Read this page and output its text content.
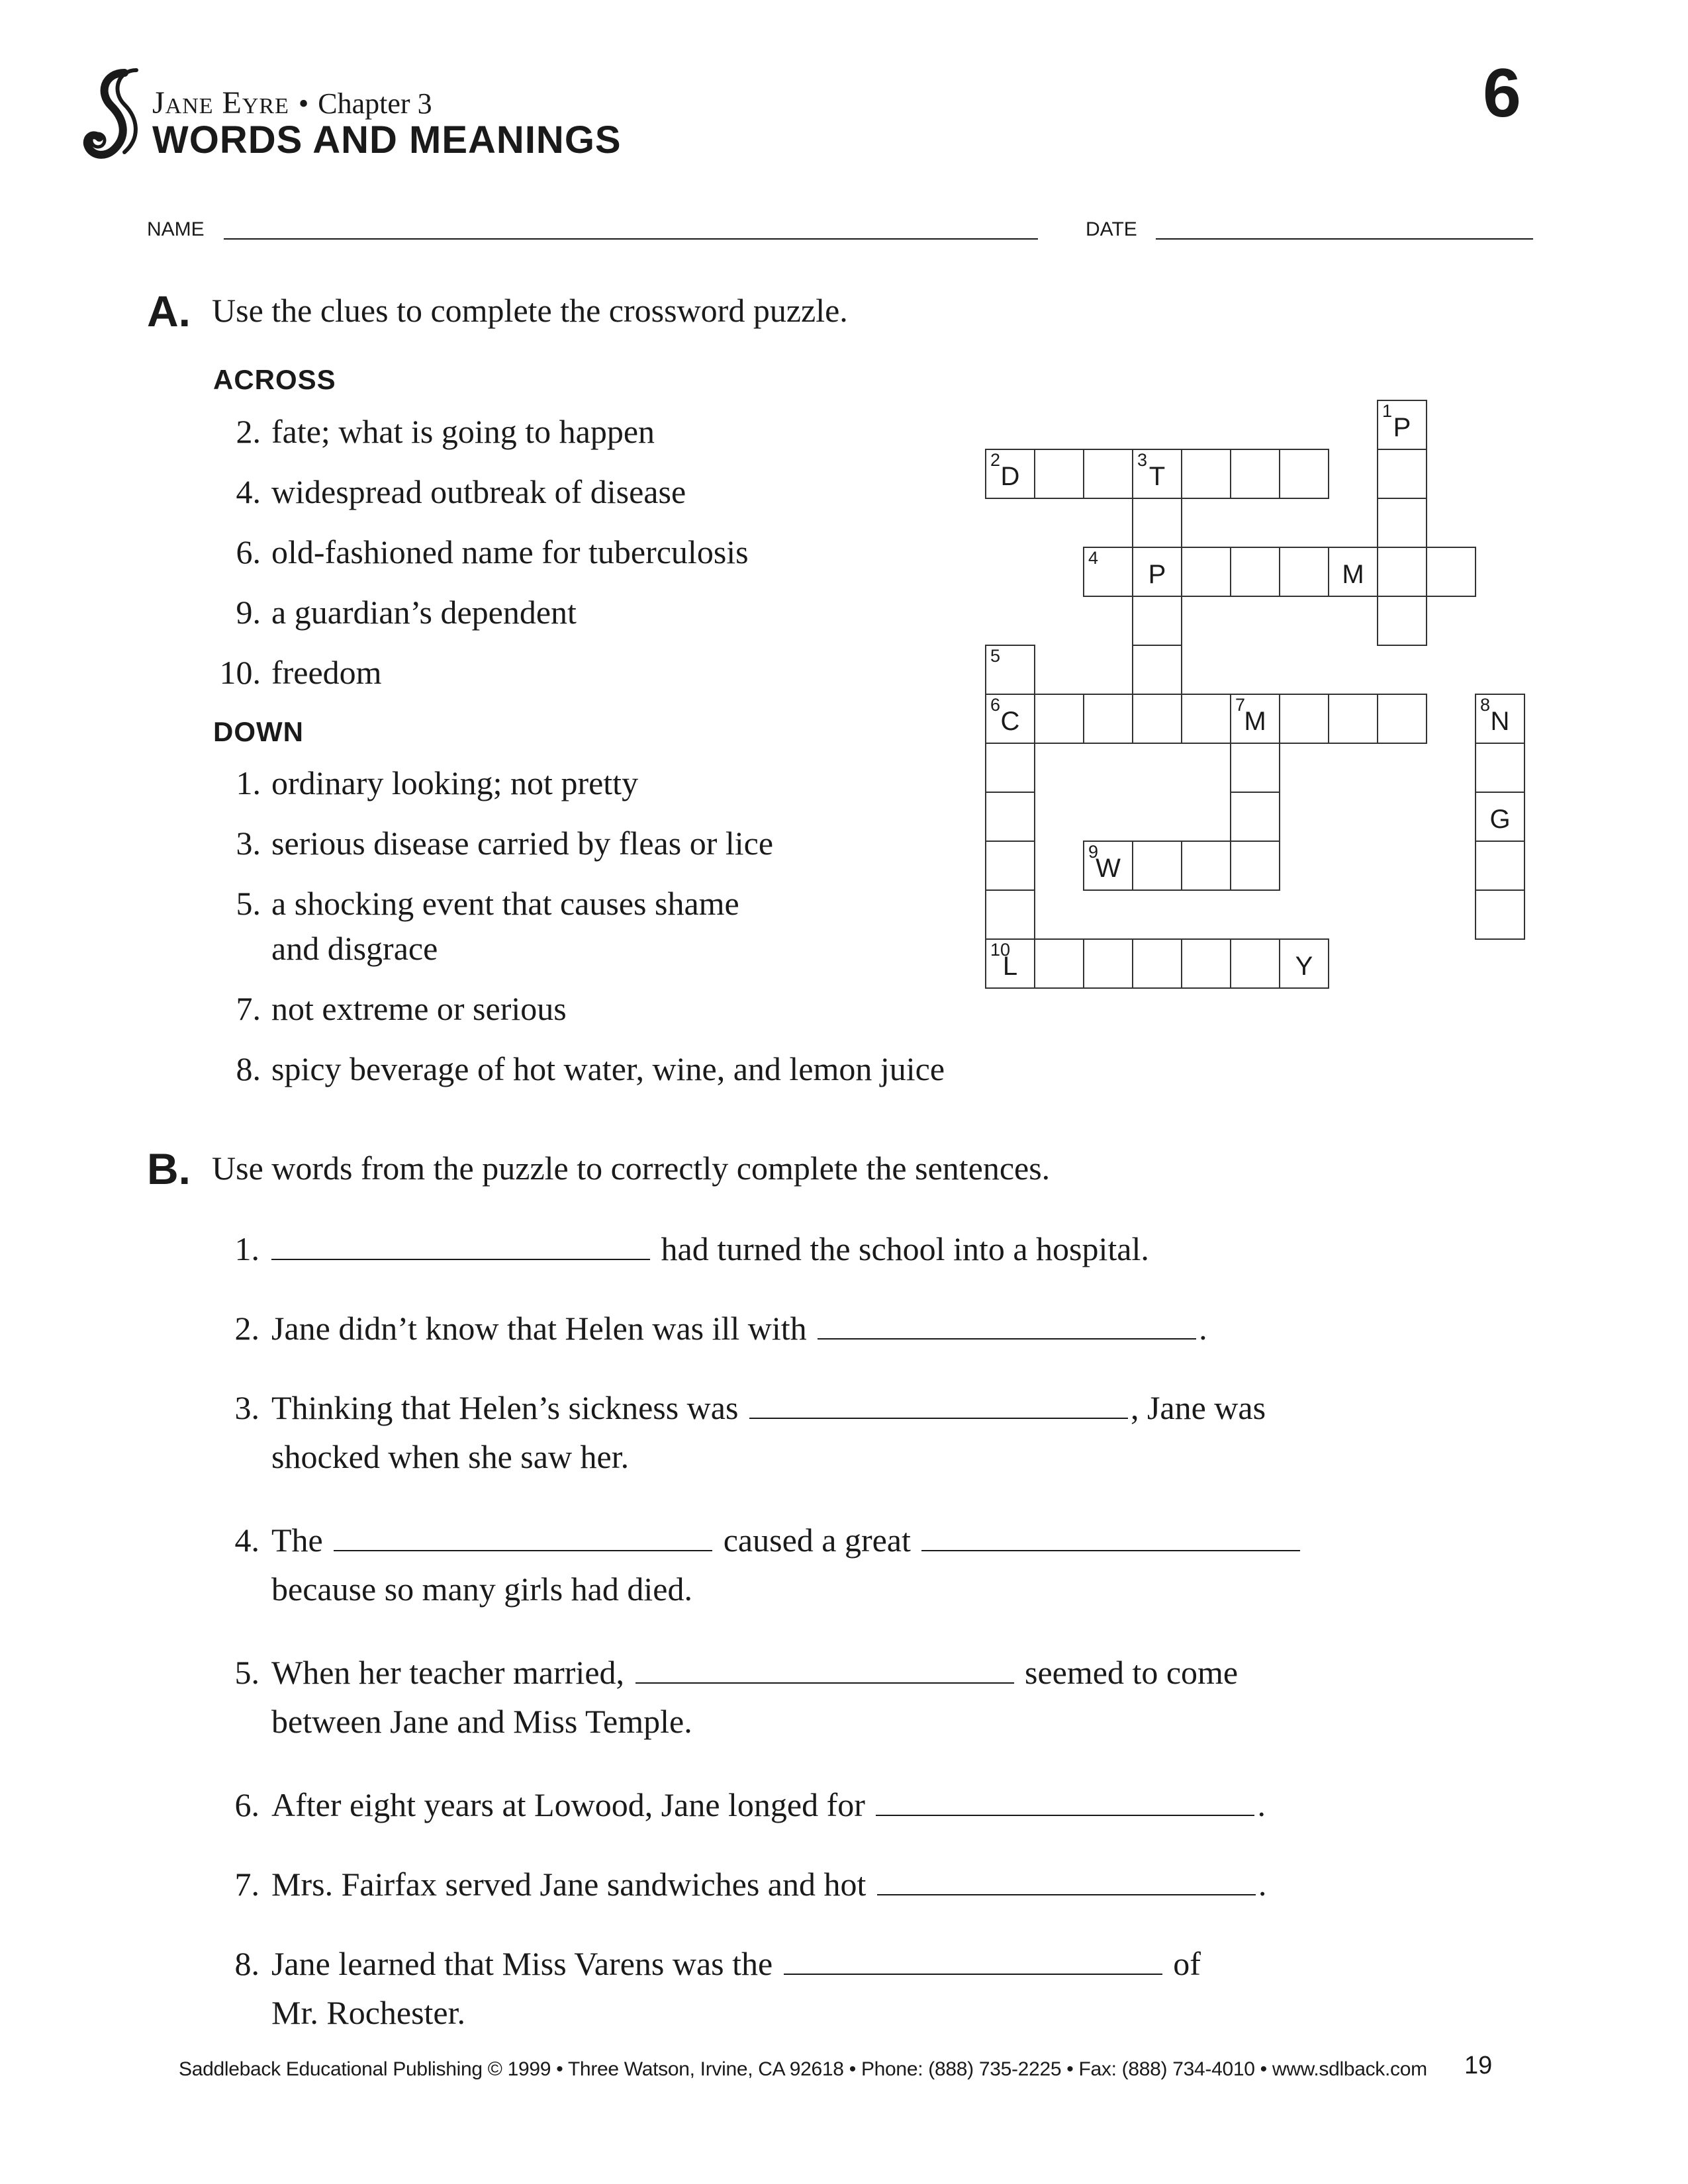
Jane Eyre • Chapter 3
WORDS AND MEANINGS
6
NAME	DATE
A. Use the clues to complete the crossword puzzle.
ACROSS
2. fate; what is going to happen
4. widespread outbreak of disease
6. old-fashioned name for tuberculosis
9. a guardian’s dependent
10. freedom
DOWN
1. ordinary looking; not pretty
3. serious disease carried by fleas or lice
5. a shocking event that causes shame
and disgrace
7. not extreme or serious
8. spicy beverage of hot water, wine, and lemon juice
1
P
2
D
3
T
4
P	M
5
6
C
7
M
8
N
G
9
W
10
L	Y
B. Use words from the puzzle to correctly complete the sentences.
1.	had turned the school into a hospital.
2. Jane didn’t know that Helen was ill with	.
3. Thinking that Helen’s sickness was	, Jane was
shocked when she saw her.
4. The	caused a great
because so many girls had died.
5. When her teacher married,	seemed to come
between Jane and Miss Temple.
6. After eight years at Lowood, Jane longed for	.
7. Mrs. Fairfax served Jane sandwiches and hot	.
8. Jane learned that Miss Varens was the	of
Mr. Rochester.
Saddleback Educational Publishing © 1999 • Three Watson, Irvine, CA 92618 • Phone: (888) 735-2225 • Fax: (888) 734-4010 • www.sdlback.com 19
